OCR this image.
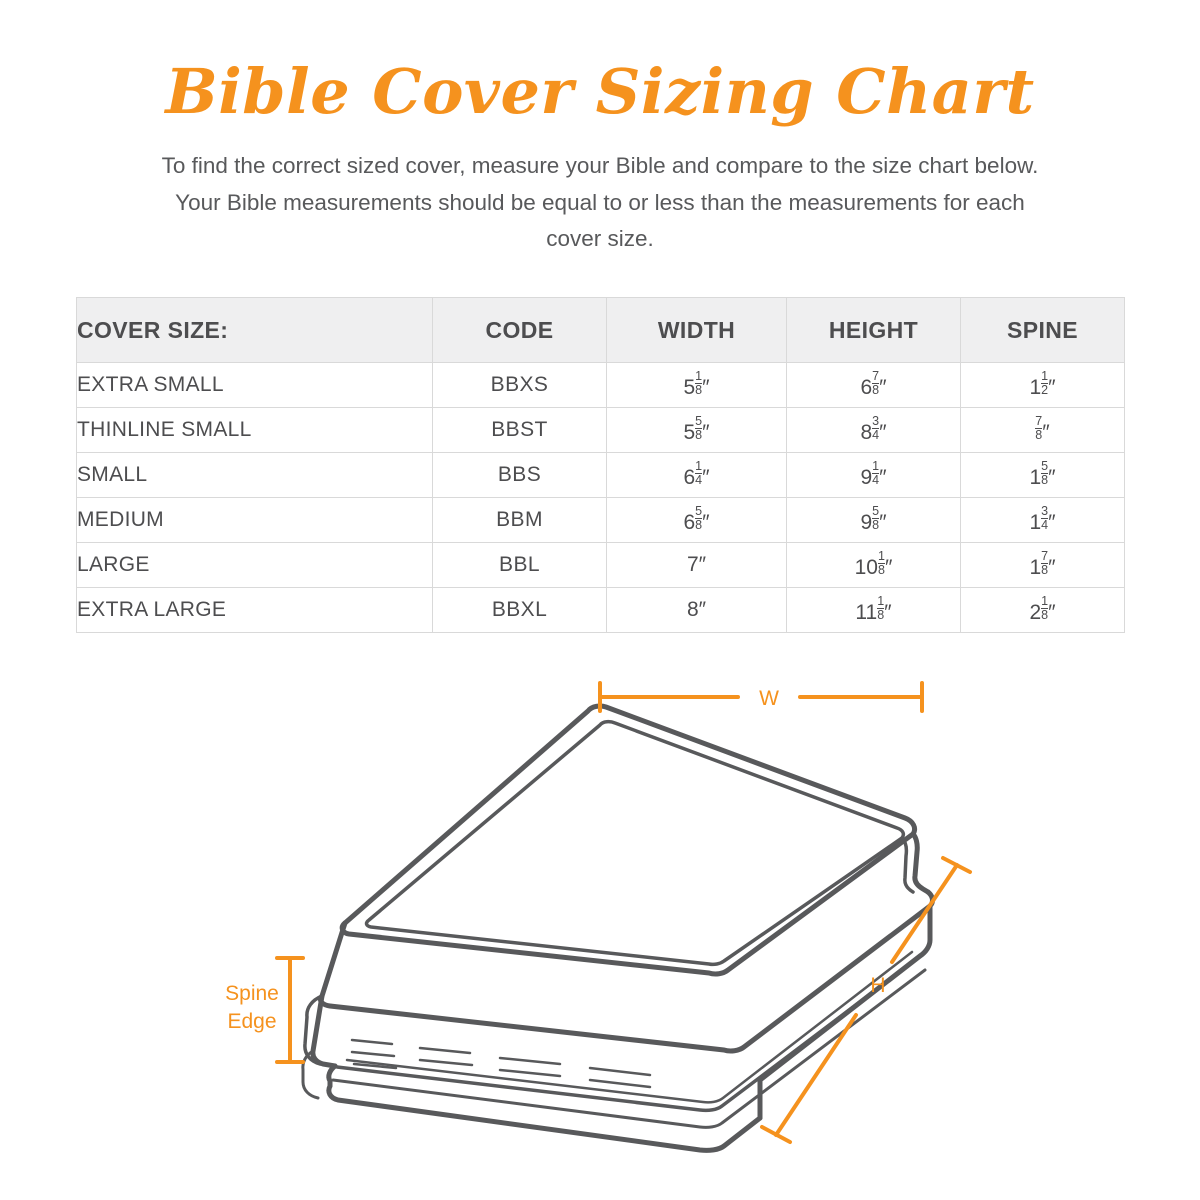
Bible Cover Sizing Chart

To find the correct sized cover, measure your Bible and compare to the size chart below. Your Bible measurements should be equal to or less than the measurements for each cover size.

COVER SIZE:	CODE	WIDTH	HEIGHT	SPINE
EXTRA SMALL	BBXS	$5 \frac{1}{8}$ ″	$6 \frac{7}{8}$ ″	$1 \frac{1}{2}$ ″
THINLINE SMALL	BBST	$5 \frac{5}{8}$ ″	$8 \frac{3}{4}$ ″	$\frac{7}{8}$ ″
SMALL	BBS	$6 \frac{1}{4}$ ″	$9 \frac{1}{4}$ ″	$1 \frac{5}{8}$ ″
MEDIUM	BBM	$6 \frac{5}{8}$ ″	$9 \frac{5}{8}$ ″	$1 \frac{3}{4}$ ″
LARGE	BBL	7″	$10 \frac{1}{8}$ ″	$1 \frac{7}{8}$ ″
EXTRA LARGE	BBXL	8″	$11 \frac{1}{8}$ ″	$2 \frac{1}{8}$ ″
W
H
Spine
Edge
